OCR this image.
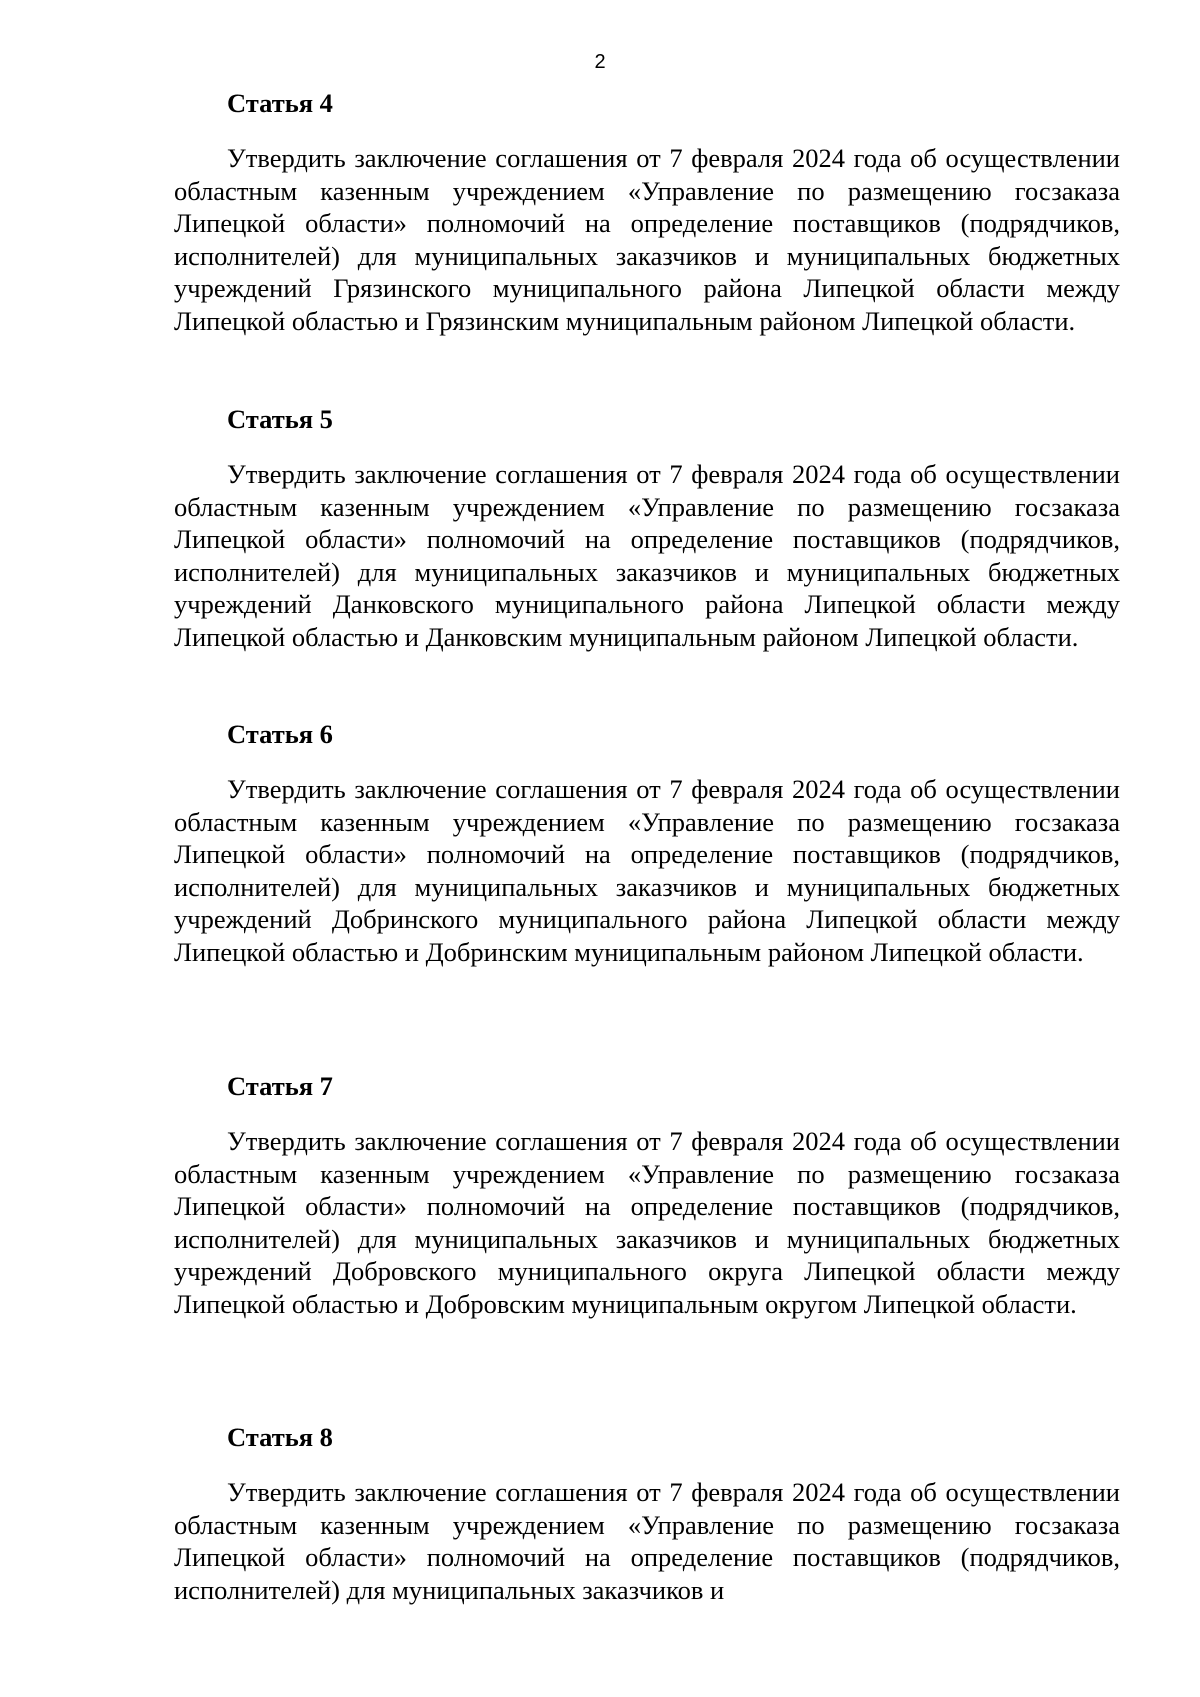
2
Статья 4

Утвердить заключение соглашения от 7 февраля 2024 года об осуществлении областным казенным учреждением «Управление по размещению госзаказа Липецкой области» полномочий на определение поставщиков (подрядчиков, исполнителей) для муниципальных заказчиков и муниципальных бюджетных учреждений Грязинского муниципального района Липецкой области между Липецкой областью и Грязинским муниципальным районом Липецкой области.

Статья 5

Утвердить заключение соглашения от 7 февраля 2024 года об осуществлении областным казенным учреждением «Управление по размещению госзаказа Липецкой области» полномочий на определение поставщиков (подрядчиков, исполнителей) для муниципальных заказчиков и муниципальных бюджетных учреждений Данковского муниципального района Липецкой области между Липецкой областью и Данковским муниципальным районом Липецкой области.

Статья 6

Утвердить заключение соглашения от 7 февраля 2024 года об осуществлении областным казенным учреждением «Управление по размещению госзаказа Липецкой области» полномочий на определение поставщиков (подрядчиков, исполнителей) для муниципальных заказчиков и муниципальных бюджетных учреждений Добринского муниципального района Липецкой области между Липецкой областью и Добринским муниципальным районом Липецкой области.

Статья 7

Утвердить заключение соглашения от 7 февраля 2024 года об осуществлении областным казенным учреждением «Управление по размещению госзаказа Липецкой области» полномочий на определение поставщиков (подрядчиков, исполнителей) для муниципальных заказчиков и муниципальных бюджетных учреждений Добровского муниципального округа Липецкой области между Липецкой областью и Добровским муниципальным округом Липецкой области.

Статья 8

Утвердить заключение соглашения от 7 февраля 2024 года об осуществлении областным казенным учреждением «Управление по размещению госзаказа Липецкой области» полномочий на определение поставщиков (подрядчиков, исполнителей) для муниципальных заказчиков и
